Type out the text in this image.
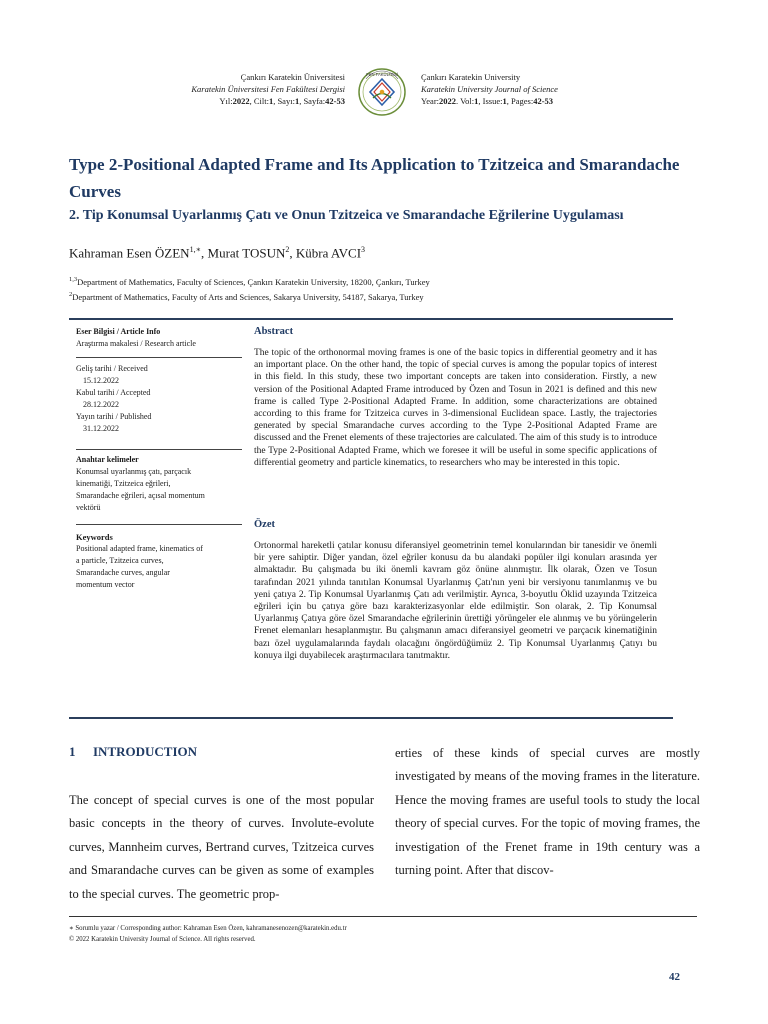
Çankırı Karatekin Üniversitesi
Karatekin Üniversitesi Fen Fakültesi Dergisi
Yıl:2022, Cilt:1, Sayı:1, Sayfa:42-53
FEN FAKÜLTESİ	Çankırı Karatekin University
Karatekin University Journal of Science
Year:2022. Vol:1, Issue:1, Pages:42-53
Type 2-Positional Adapted Frame and Its Application to Tzitzeica and Smarandache Curves
2. Tip Konumsal Uyarlanmış Çatı ve Onun Tzitzeica ve Smarandache Eğrilerine Uygulaması
Kahraman Esen $ÖZEN^{1,∗}$, Murat TOSUN$^2$, Kübra AVCI$^3$
$^{1,3}$Department of Mathematics, Faculty of Sciences, Çankırı Karatekin University, 18200, Çankırı, Turkey
$^2$Department of Mathematics, Faculty of Arts and Sciences, Sakarya University, 54187, Sakarya, Turkey
Eser Bilgisi / Article Info
Araştırma makalesi / Research article
Geliş tarihi / Received
15.12.2022
Kabul tarihi / Accepted
28.12.2022
Yayın tarihi / Published
31.12.2022
Anahtar kelimeler
Konumsal uyarlanmış çatı, parçacık
kinematiği, Tzitzeica eğrileri,
Smarandache eğrileri, açısal momentum
vektörü
Keywords
Positional adapted frame, kinematics of
a particle, Tzitzeica curves,
Smarandache curves, angular
momentum vector
Abstract

The topic of the orthonormal moving frames is one of the basic topics in differential geometry and it has an important place. On the other hand, the topic of special curves is among the popular topics of interest in this field. In this study, these two important concepts are taken into consideration. Firstly, a new version of the Positional Adapted Frame introduced by Özen and Tosun in 2021 is defined and this new frame is called Type 2-Positional Adapted Frame. In addition, some characterizations are obtained according to this frame for Tzitzeica curves in 3-dimensional Euclidean space. Lastly, the trajectories generated by special Smarandache curves according to the Type 2-Positional Adapted Frame are discussed and the Frenet elements of these trajectories are calculated. The aim of this study is to introduce the Type 2-Positional Adapted Frame, which we foresee it will be useful in some specific applications of differential geometry and particle kinematics, to researchers who may be interested in this topic.

Özet

Ortonormal hareketli çatılar konusu diferansiyel geometrinin temel konularından bir tanesidir ve önemli bir yere sahiptir. Diğer yandan, özel eğriler konusu da bu alandaki popüler ilgi konuları arasında yer almaktadır. Bu çalışmada bu iki önemli kavram göz önüne alınmıştır. İlk olarak, Özen ve Tosun tarafından 2021 yılında tanıtılan Konumsal Uyarlanmış Çatı'nın yeni bir versiyonu tanımlanmış ve bu yeni çatıya 2. Tip Konumsal Uyarlanmış Çatı adı verilmiştir. Ayrıca, 3-boyutlu Öklid uzayında Tzitzeica eğrileri için bu çatıya göre bazı karakterizasyonlar elde edilmiştir. Son olarak, 2. Tip Konumsal Uyarlanmış Çatıya göre özel Smarandache eğrilerinin ürettiği yörüngeler ele alınmış ve bu yörüngelerin Frenet elemanları hesaplanmıştır. Bu çalışmanın amacı diferansiyel geometri ve parçacık kinematiğinin bazı özel uygulamalarında faydalı olacağını öngördüğümüz 2. Tip Konumsal Uyarlanmış Çatıyı bu konuya ilgi duyabilecek araştırmacılara tanıtmaktır.

1 INTRODUCTION

The concept of special curves is one of the most popular basic concepts in the theory of curves. Involute-evolute curves, Mannheim curves, Bertrand curves, Tzitzeica curves and Smarandache curves can be given as some of examples to the special curves. The geometric prop-

erties of these kinds of special curves are mostly investigated by means of the moving frames in the literature. Hence the moving frames are useful tools to study the local theory of special curves. For the topic of moving frames, the investigation of the Frenet frame in 19th century was a turning point. After that discov-

∗ Sorumlu yazar / Corresponding author: Kahraman Esen Özen, kahramanesenozen@karatekin.edu.tr
© 2022 Karatekin University Journal of Science. All rights reserved.
42
